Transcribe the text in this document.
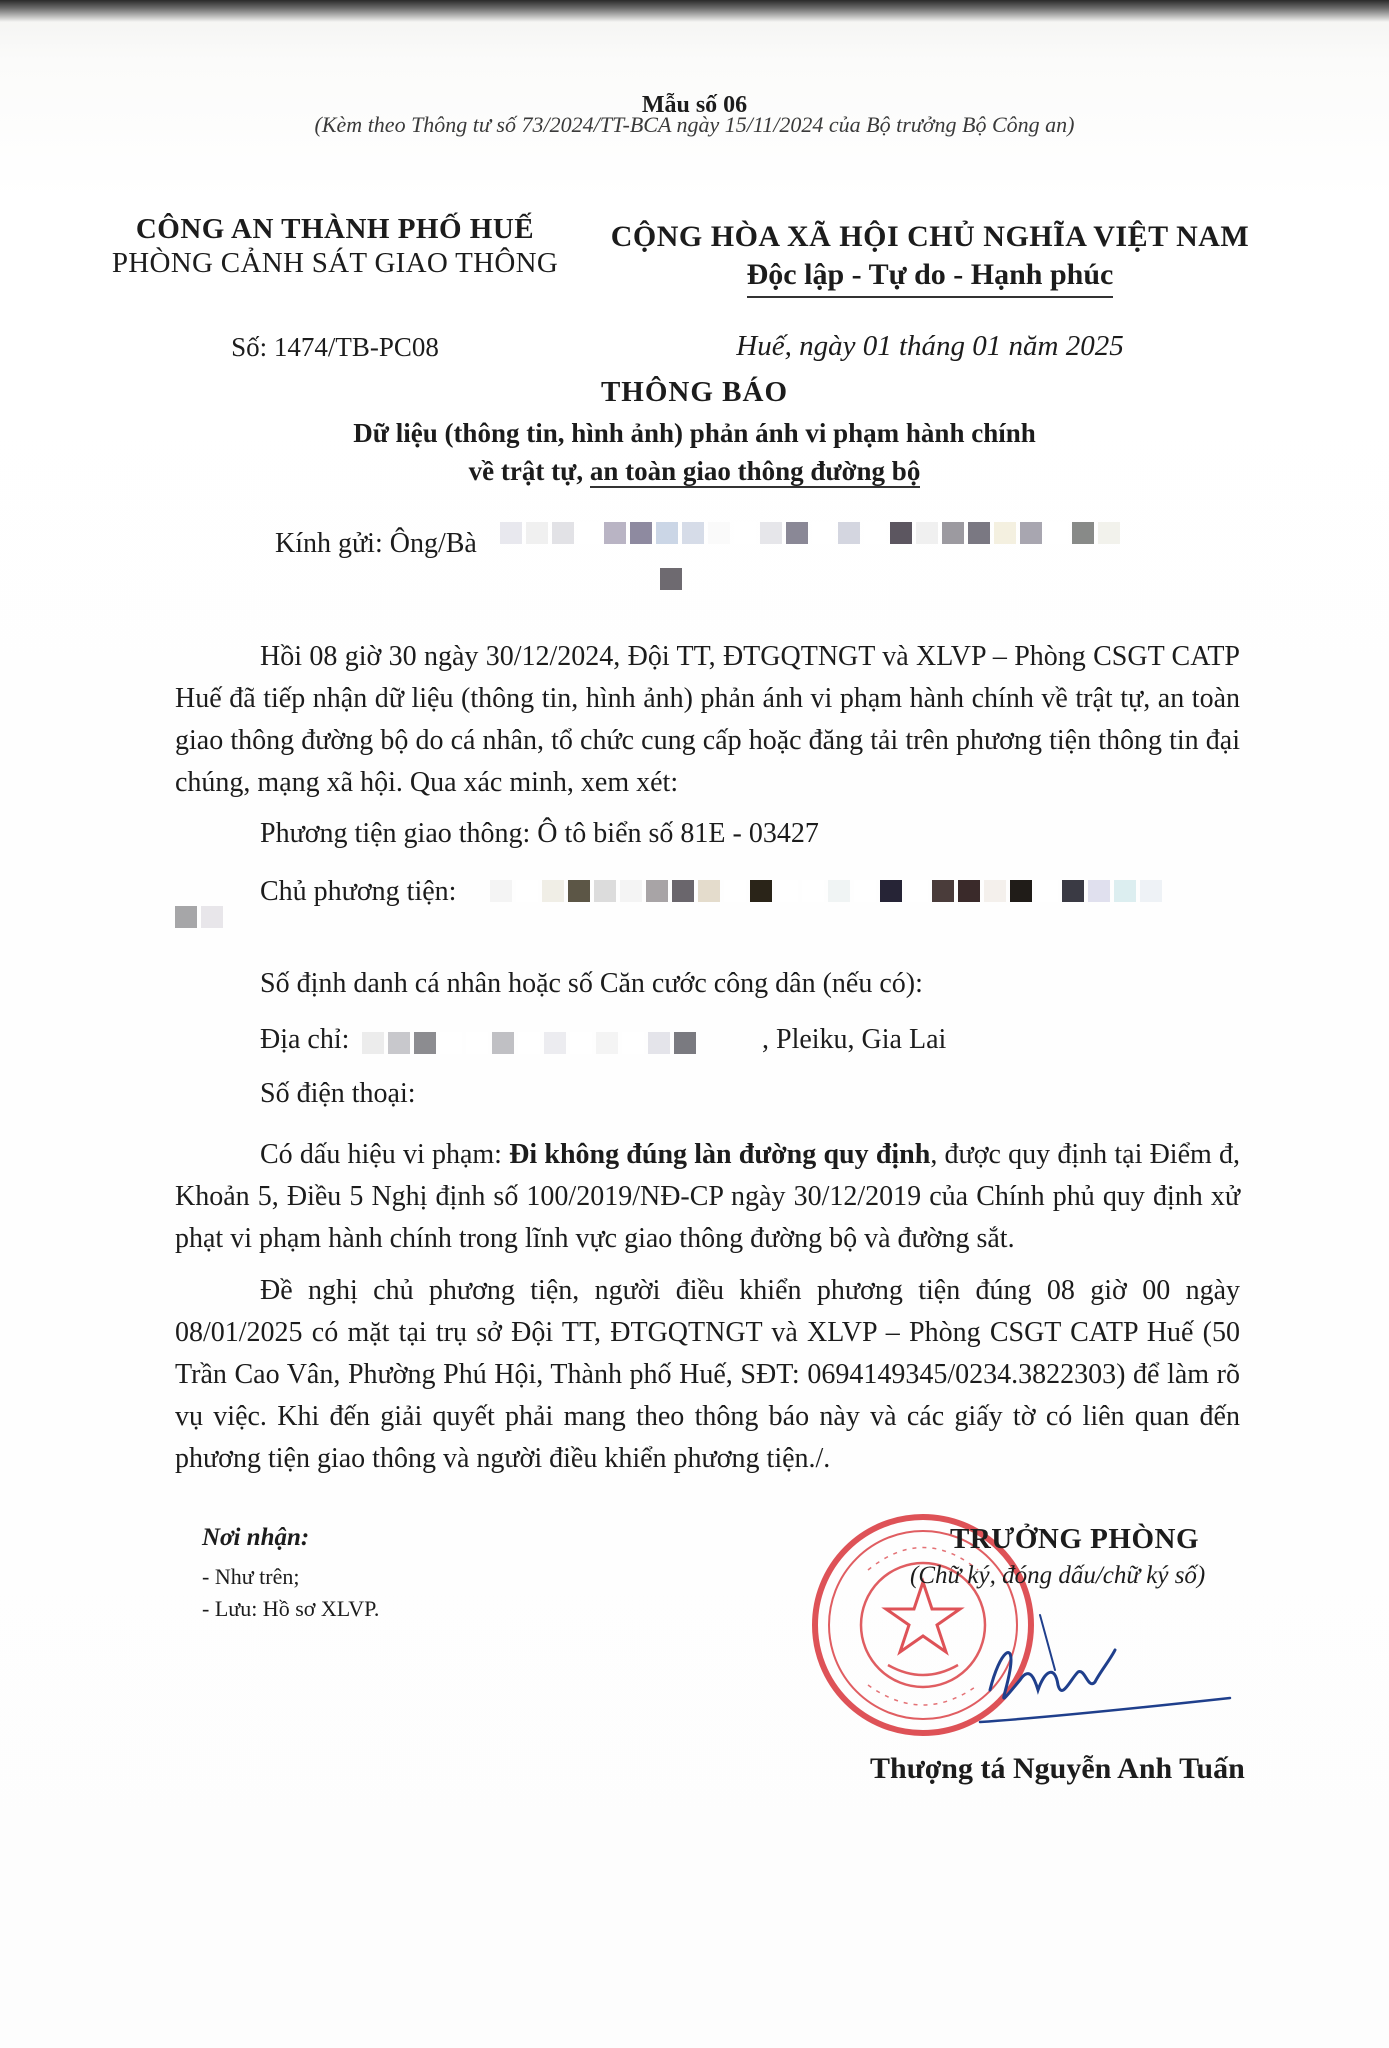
Mẫu số 06
(Kèm theo Thông tư số 73/2024/TT-BCA ngày 15/11/2024 của Bộ trưởng Bộ Công an)
CÔNG AN THÀNH PHỐ HUẾ
PHÒNG CẢNH SÁT GIAO THÔNG
Số: 1474/TB-PC08
CỘNG HÒA XÃ HỘI CHỦ NGHĨA VIỆT NAM
Độc lập - Tự do - Hạnh phúc
Huế, ngày 01 tháng 01 năm 2025
THÔNG BÁO
Dữ liệu (thông tin, hình ảnh) phản ánh vi phạm hành chính
về trật tự, an toàn giao thông đường bộ
Kính gửi: Ông/Bà
Hồi 08 giờ 30 ngày 30/12/2024, Đội TT, ĐTGQTNGT và XLVP – Phòng CSGT CATP Huế đã tiếp nhận dữ liệu (thông tin, hình ảnh) phản ánh vi phạm hành chính về trật tự, an toàn giao thông đường bộ do cá nhân, tổ chức cung cấp hoặc đăng tải trên phương tiện thông tin đại chúng, mạng xã hội. Qua xác minh, xem xét:
Phương tiện giao thông: Ô tô biển số 81E - 03427
Chủ phương tiện:
Số định danh cá nhân hoặc số Căn cước công dân (nếu có):
Địa chỉ:	, Pleiku, Gia Lai
Số điện thoại:
Có dấu hiệu vi phạm: Đi không đúng làn đường quy định, được quy định tại Điểm đ, Khoản 5, Điều 5 Nghị định số 100/2019/NĐ-CP ngày 30/12/2019 của Chính phủ quy định xử phạt vi phạm hành chính trong lĩnh vực giao thông đường bộ và đường sắt.
Đề nghị chủ phương tiện, người điều khiển phương tiện đúng 08 giờ 00 ngày 08/01/2025 có mặt tại trụ sở Đội TT, ĐTGQTNGT và XLVP – Phòng CSGT CATP Huế (50 Trần Cao Vân, Phường Phú Hội, Thành phố Huế, SĐT: 0694149345/0234.3822303) để làm rõ vụ việc. Khi đến giải quyết phải mang theo thông báo này và các giấy tờ có liên quan đến phương tiện giao thông và người điều khiển phương tiện./.
Nơi nhận:
- Như trên;
- Lưu: Hồ sơ XLVP.
TRƯỞNG PHÒNG
(Chữ ký, đóng dấu/chữ ký số)
Thượng tá Nguyễn Anh Tuấn
